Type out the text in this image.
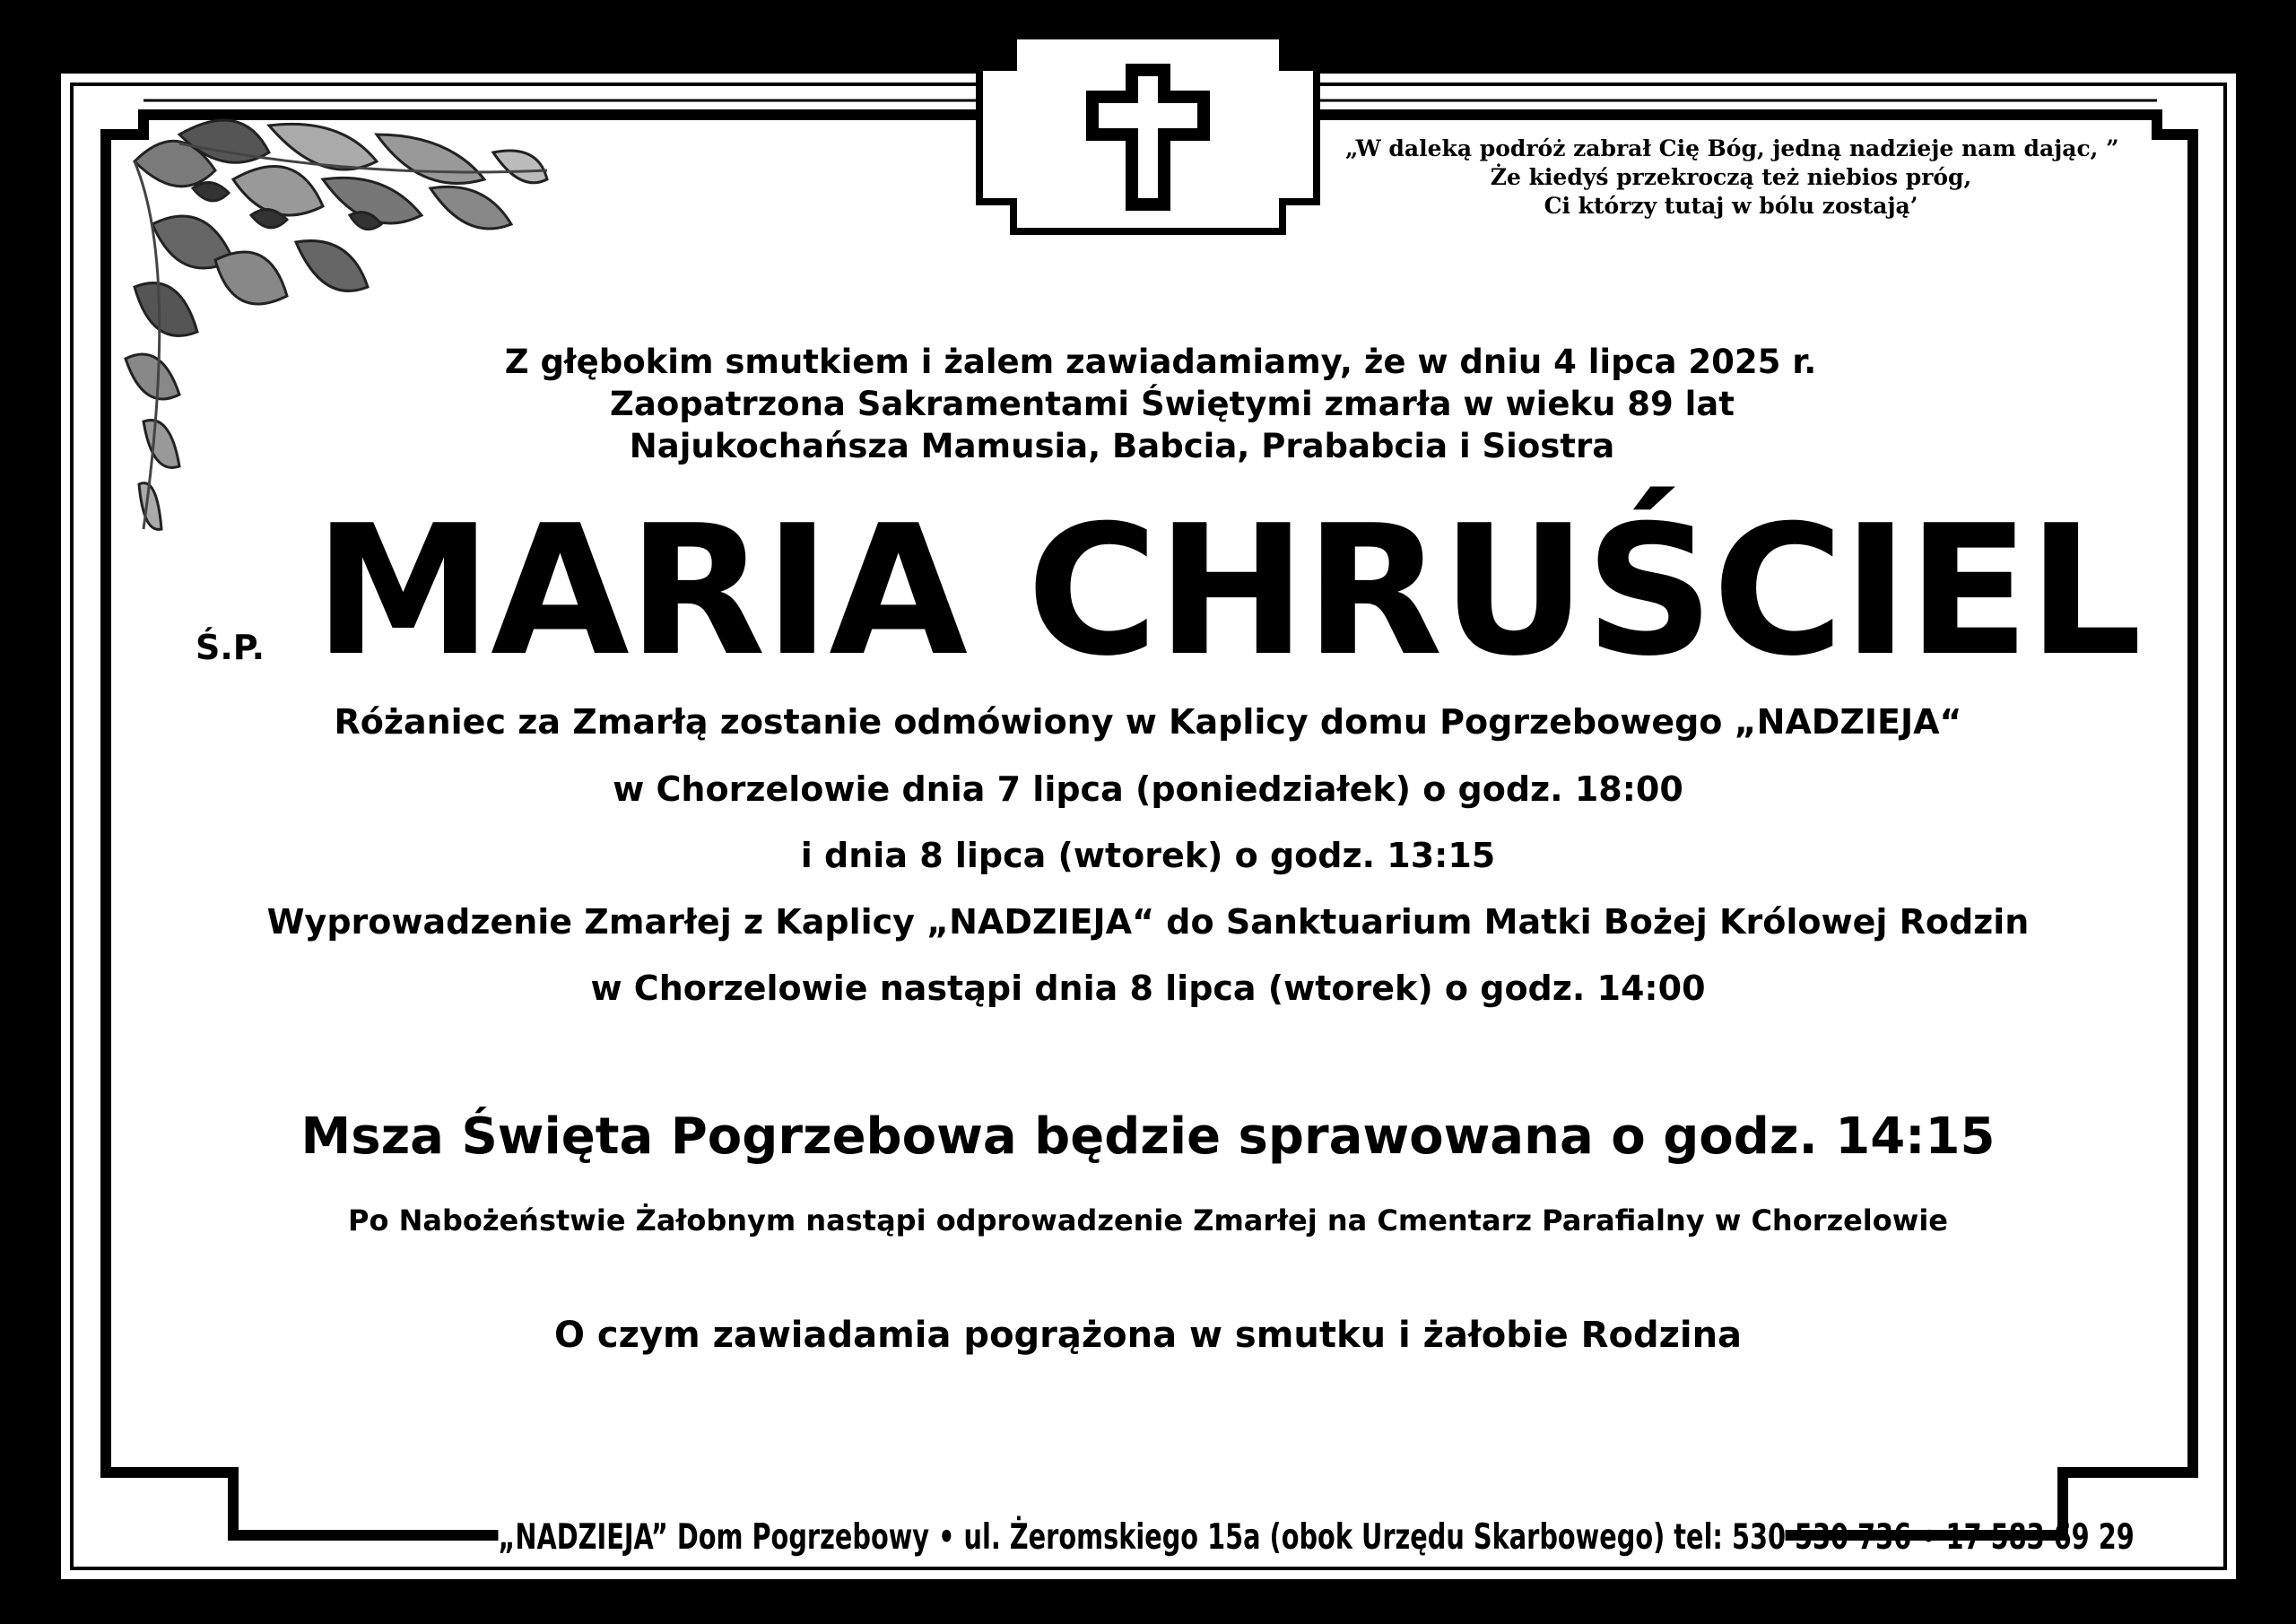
„W daleką podróż zabrał Cię Bóg, jedną nadzieje nam dając, ”
Że kiedyś przekroczą też niebios próg,
Ci którzy tutaj w bólu zostają’
Z głębokim smutkiem i żalem zawiadamiamy, że w dniu 4 lipca 2025 r.
Zaopatrzona Sakramentami Świętymi zmarła w wieku 89 lat
Najukochańsza Mamusia, Babcia, Prababcia i Siostra
Ś.P. MARIA CHRUŚCIEL
Różaniec za Zmarłą zostanie odmówiony w Kaplicy domu Pogrzebowego „NADZIEJA“
w Chorzelowie dnia 7 lipca (poniedziałek) o godz. 18:00
i dnia 8 lipca (wtorek) o godz. 13:15
Wyprowadzenie Zmarłej z Kaplicy „NADZIEJA“ do Sanktuarium Matki Bożej Królowej Rodzin
w Chorzelowie nastąpi dnia 8 lipca (wtorek) o godz. 14:00
Msza Święta Pogrzebowa będzie sprawowana o godz. 14:15
Po Nabożeństwie Żałobnym nastąpi odprowadzenie Zmarłej na Cmentarz Parafialny w Chorzelowie
O czym zawiadamia pogrążona w smutku i żałobie Rodzina
„NADZIEJA” Dom Pogrzebowy • ul. Żeromskiego 15a (obok Urzędu Skarbowego) tel: 530 530 736 • 17 583 69 29
